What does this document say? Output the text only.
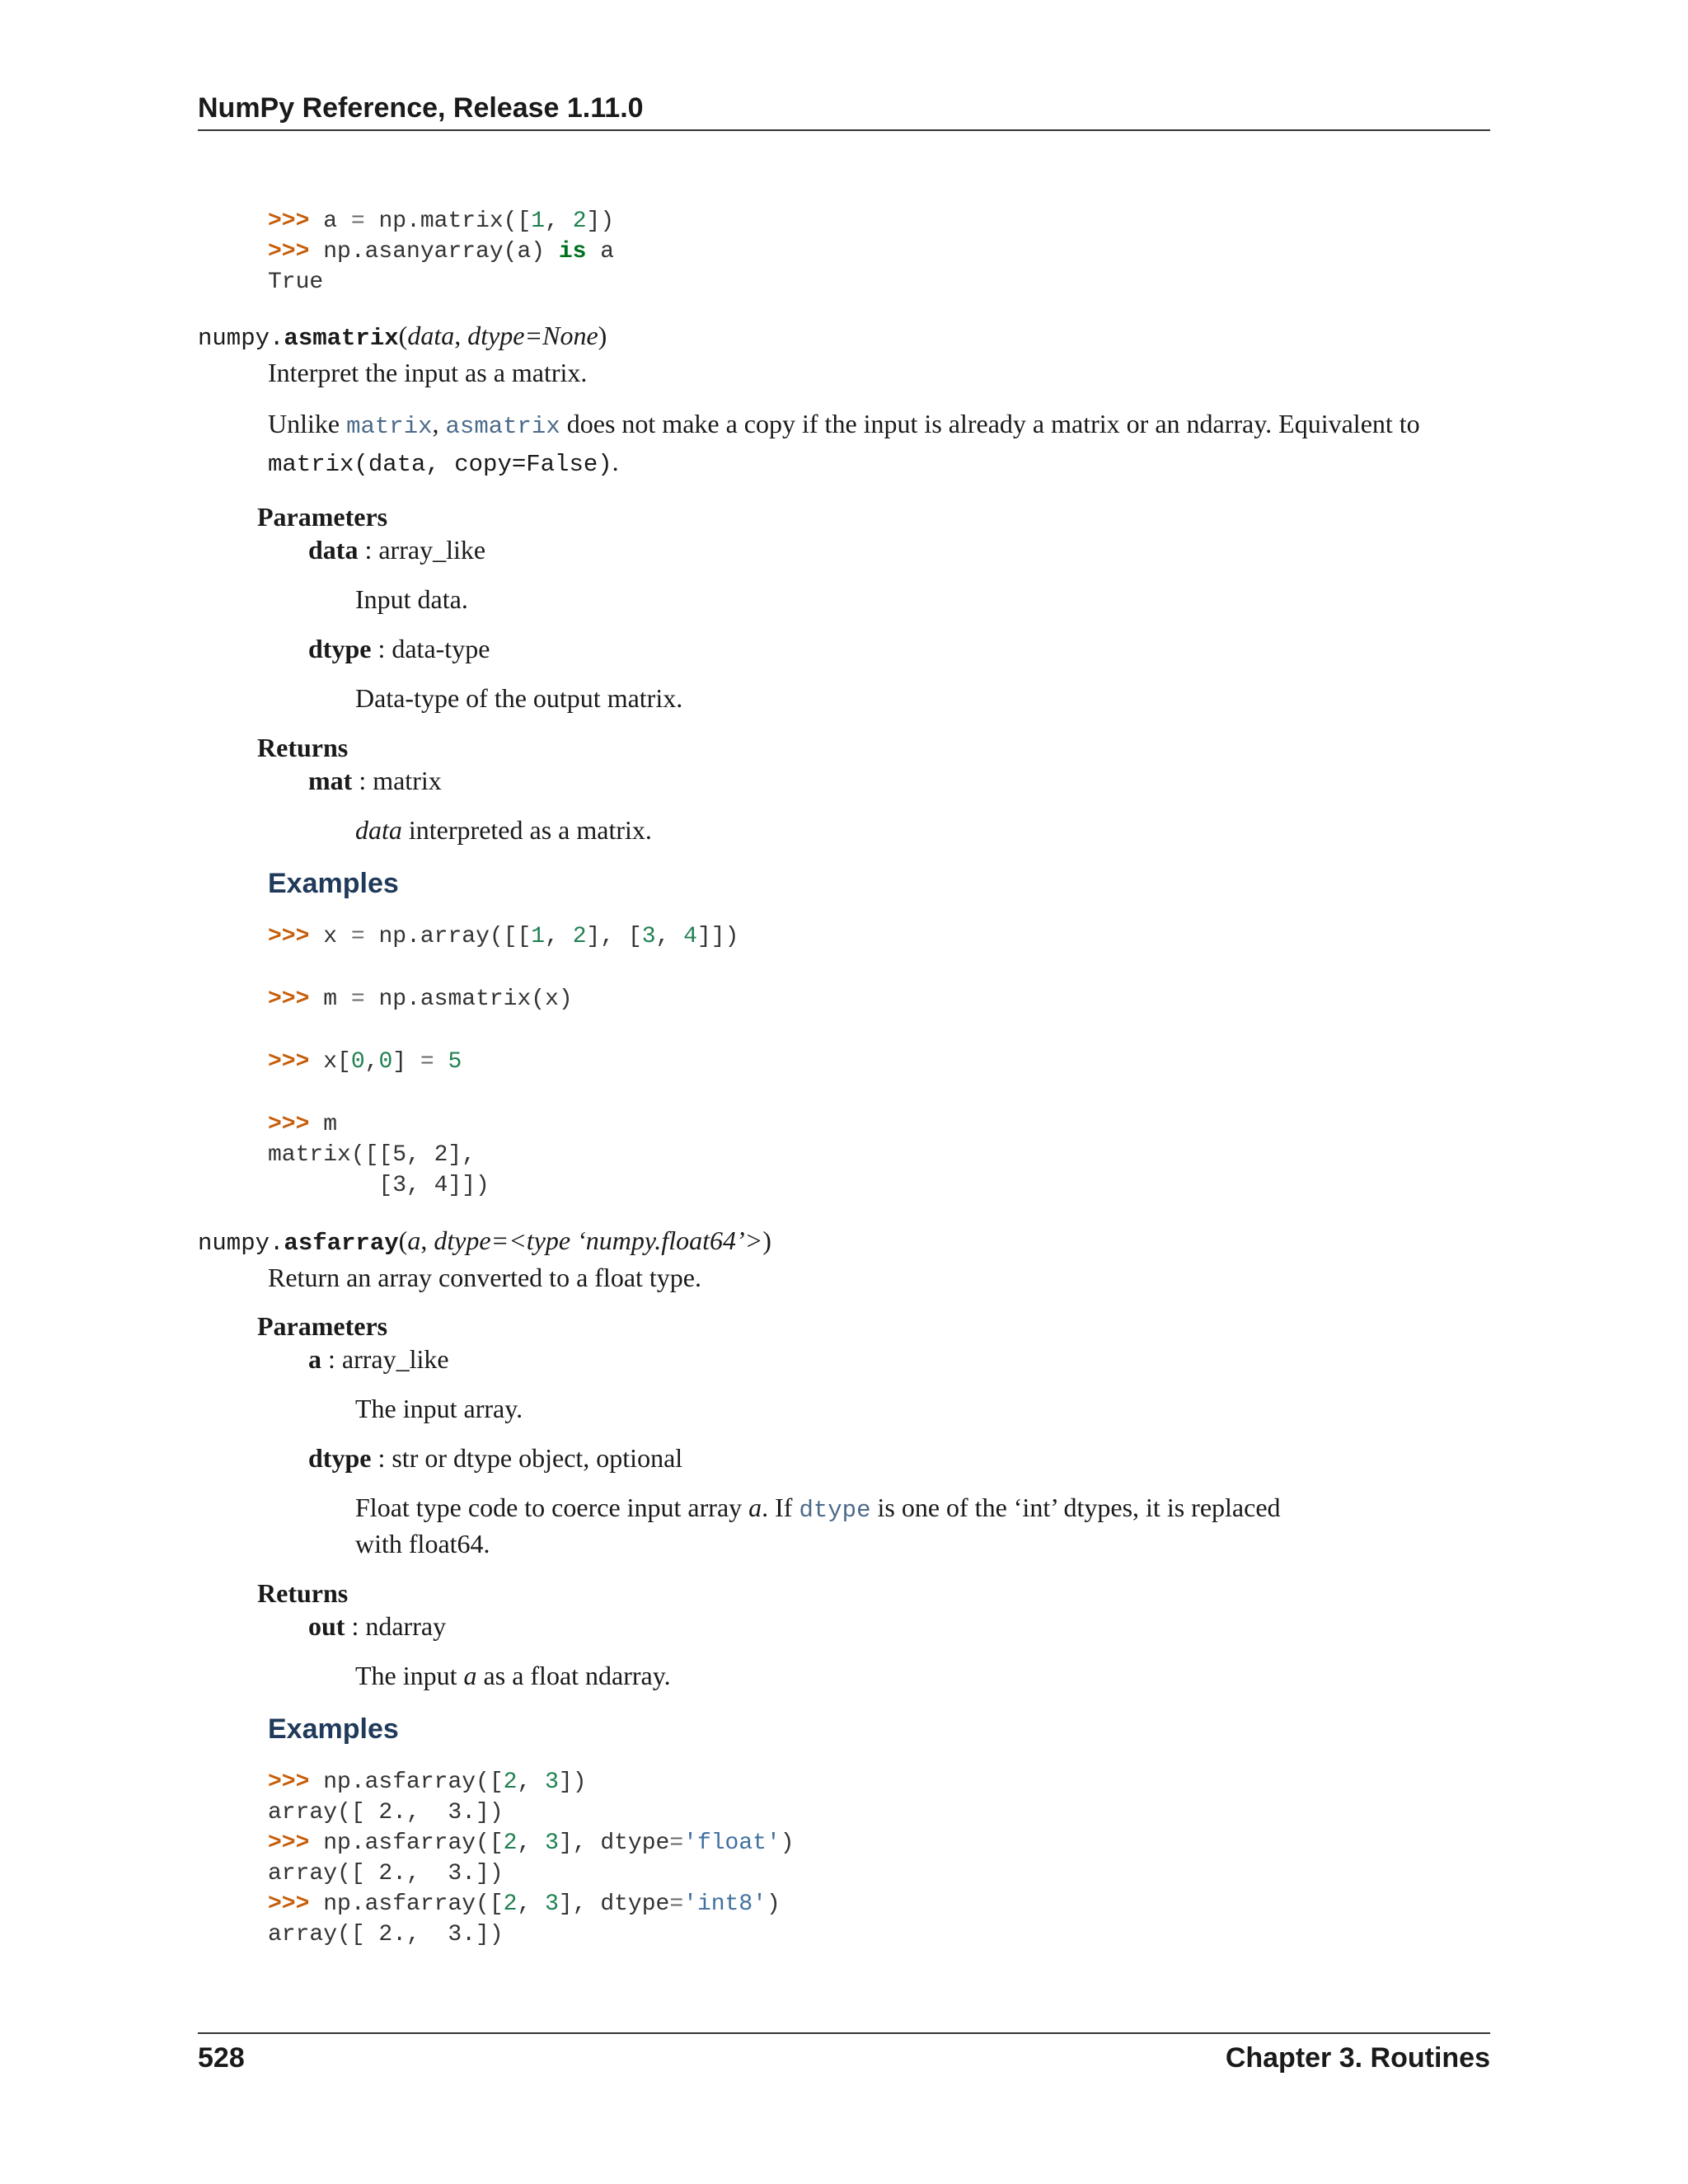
NumPy Reference, Release 1.11.0
>>> a = np.matrix([1, 2])
>>> np.asanyarray(a) is a
True
numpy.asmatrix(data, dtype=None)

Interpret the input as a matrix.

Unlike matrix, asmatrix does not make a copy if the input is already a matrix or an ndarray. Equivalent to
matrix(data, copy=False).

Parameters
data : array_like
Input data.
dtype : data-type
Data-type of the output matrix.
Returns
mat : matrix
data interpreted as a matrix.
Examples
>>> x = np.array([[1, 2], [3, 4]])
>>> m = np.asmatrix(x)
>>> x[0,0] = 5
>>> m
matrix([[5, 2],
[3, 4]])
numpy.asfarray(a, dtype=<type ‘numpy.float64’>)

Return an array converted to a float type.

Parameters
a : array_like
The input array.
dtype : str or dtype object, optional
Float type code to coerce input array a. If dtype is one of the ‘int’ dtypes, it is replaced
with float64.
Returns
out : ndarray
The input a as a float ndarray.
Examples
>>> np.asfarray([2, 3])
array([ 2.,  3.])
>>> np.asfarray([2, 3], dtype='float')
array([ 2.,  3.])
>>> np.asfarray([2, 3], dtype='int8')
array([ 2.,  3.])
528	Chapter 3. Routines
